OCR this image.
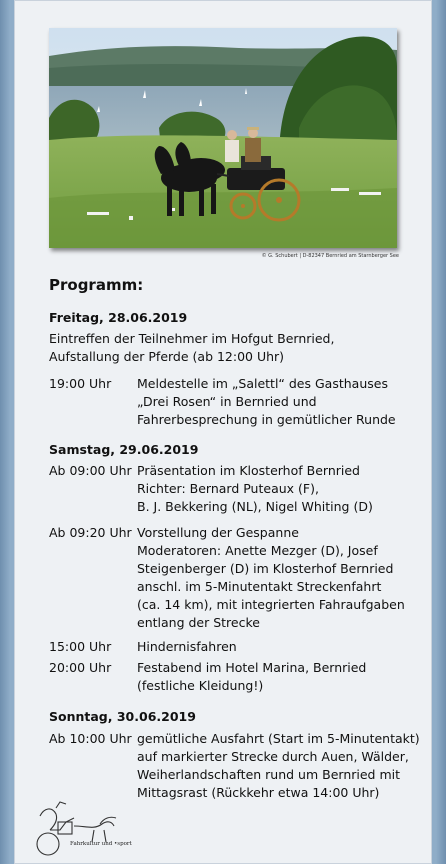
© G. Schubert | D-82347 Bernried am Starnberger See
Programm:
Freitag, 28.06.2019
Eintreffen der Teilnehmer im Hofgut Bernried,
Aufstallung der Pferde (ab 12:00 Uhr)
19:00 Uhr Meldestelle im „Salettl“ des Gasthauses
„Drei Rosen“ in Bernried und
Fahrerbesprechung in gemütlicher Runde
Samstag, 29.06.2019
Ab 09:00 Uhr Präsentation im Klosterhof Bernried
Richter: Bernard Puteaux (F),
B. J. Bekkering (NL), Nigel Whiting (D)
Ab 09:20 Uhr Vorstellung der Gespanne
Moderatoren: Anette Mezger (D), Josef
Steigenberger (D) im Klosterhof Bernried
anschl. im 5-Minutentakt Streckenfahrt
(ca. 14 km), mit integrierten Fahraufgaben
entlang der Strecke
15:00 Uhr Hindernisfahren
20:00 Uhr Festabend im Hotel Marina, Bernried
(festliche Kleidung!)
Sonntag, 30.06.2019
Ab 10:00 Uhr gemütliche Ausfahrt (Start im 5-Minutentakt)
auf markierter Strecke durch Auen, Wälder,
Weiherlandschaften rund um Bernried mit
Mittagsrast (Rückkehr etwa 14:00 Uhr)
Fahrkultur und •sport
